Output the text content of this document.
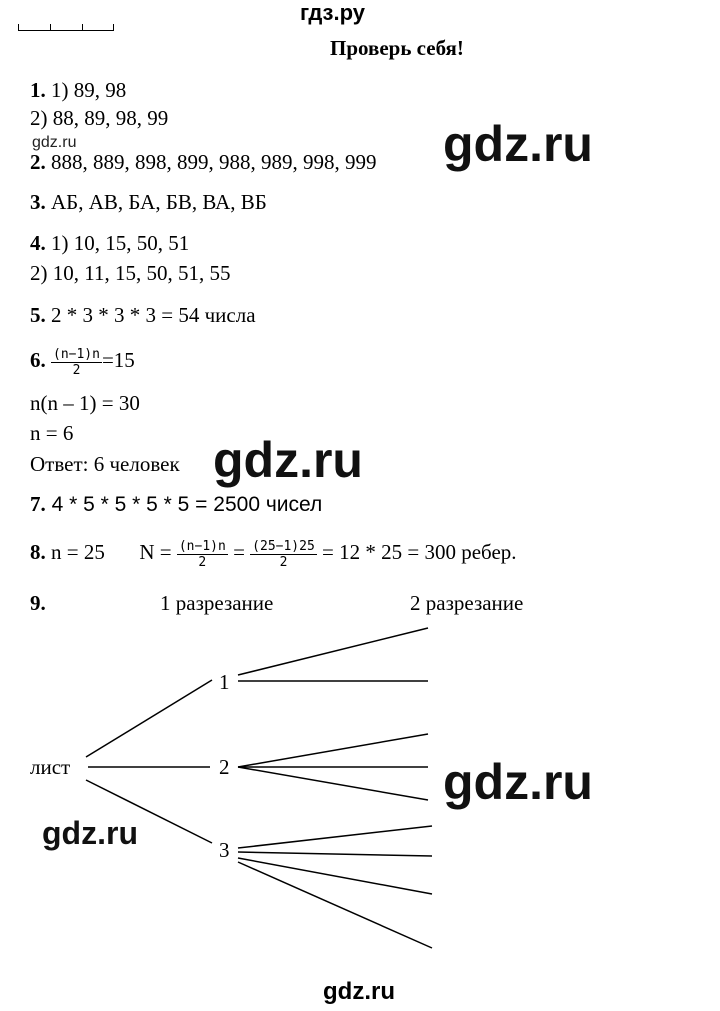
гдз.ру
Проверь себя!
1. 1) 89, 98
2) 88, 89, 98, 99
gdz.ru
2. 888, 889, 898, 899, 988, 989, 998, 999 gdz.ru
3. АБ, АВ, БА, БВ, ВА, ВБ
4. 1) 10, 15, 50, 51
2) 10, 11, 15, 50, 51, 55
5. 2 * 3 * 3 * 3 = 54 числа
6. $\frac{(n-1)n}{2} =15$
n(n – 1) = 30
n = 6
Ответ: 6 человек gdz.ru
7. 4 * 5 * 5 * 5 * 5 = 2500 чисел
8. n = 25 $N = \frac{(n-1)n}{2} = \frac{(25-1)25}{2} = 12 * 25 = 300$ ребер.
9.	1 разрезание	2 разрезание
лист
1
2
3
gdz.ru
gdz.ru
gdz.ru
